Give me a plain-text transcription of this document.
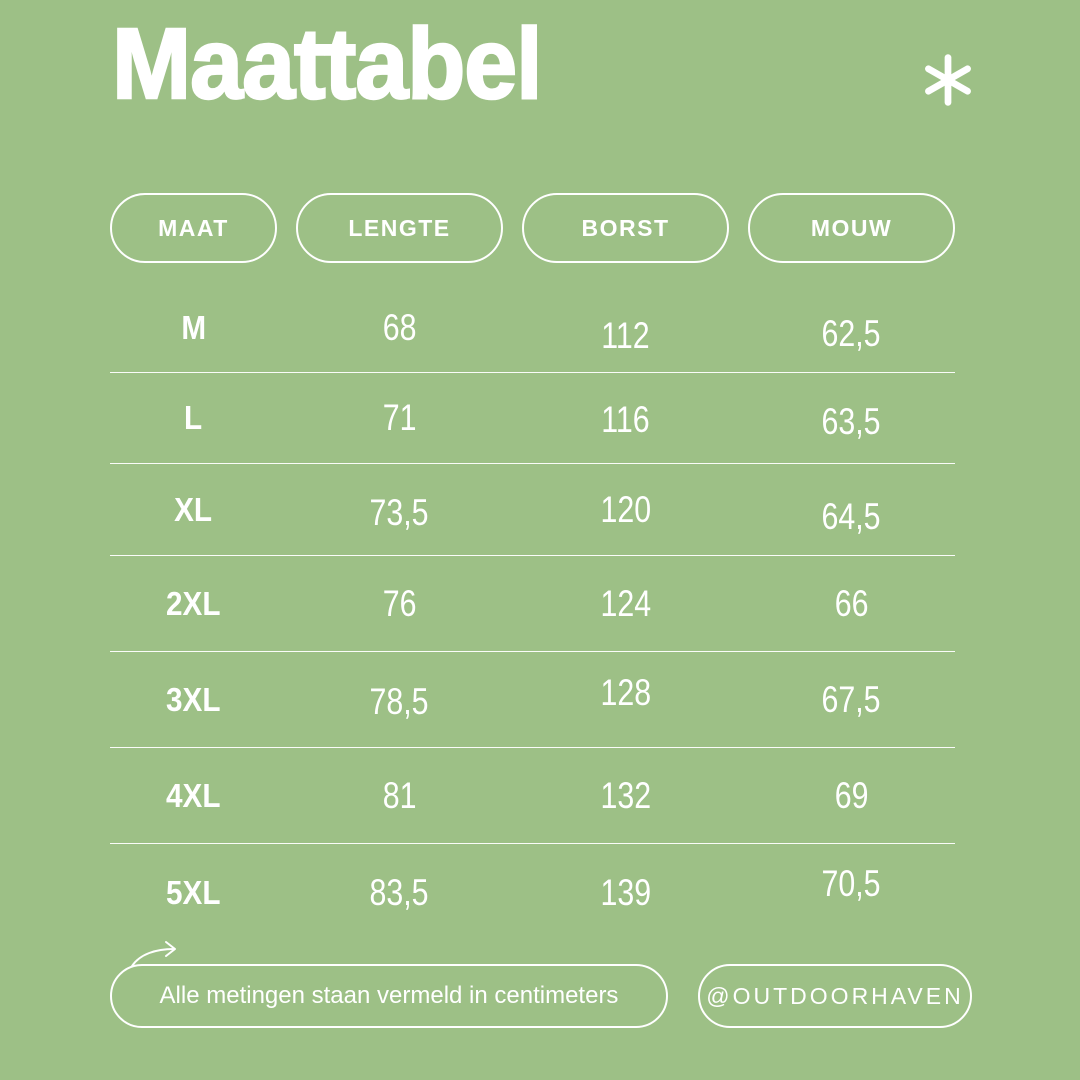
Maattabel
MAAT	LENGTE	BORST	MOUW
M	68	112	62,5
L	71	116	63,5
XL	73,5	120	64,5
2XL	76	124	66
3XL	78,5	128	67,5
4XL	81	132	69
5XL	83,5	139	70,5
Alle metingen staan vermeld in centimeters	@OUTDOORHAVEN
